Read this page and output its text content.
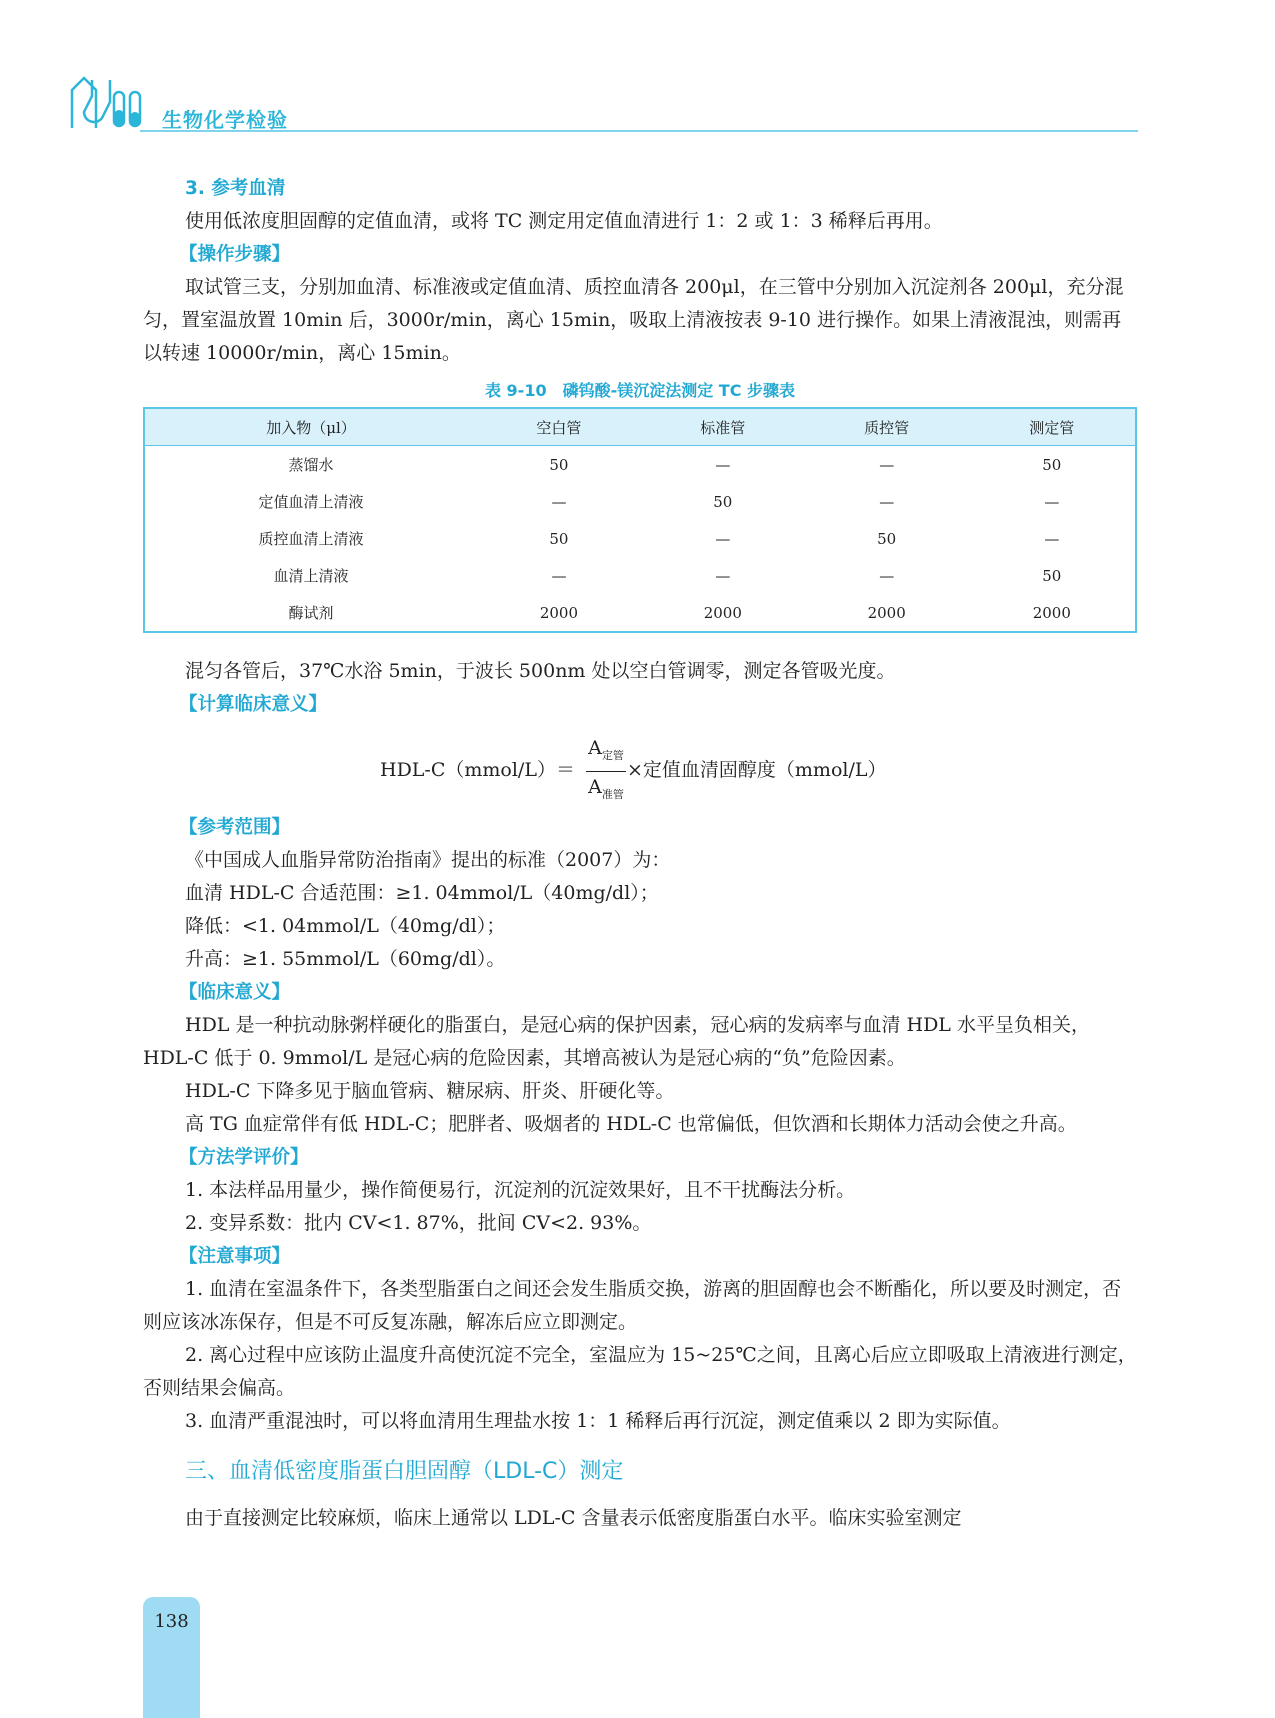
生物化学检验
3. 参考血清

使用低浓度胆固醇的定值血清，或将 TC 测定用定值血清进行 1：2 或 1：3 稀释后再用。

【操作步骤】

取试管三支，分别加血清、标准液或定值血清、质控血清各 200μl，在三管中分别加入沉淀剂各 200μl，充分混匀，置室温放置 10min 后，3000r/min，离心 15min，吸取上清液按表 9-10 进行操作。如果上清液混浊，则需再以转速 10000r/min，离心 15min。

表 9-10　磷钨酸-镁沉淀法测定 TC 步骤表
加入物（μl）	空白管	标准管	质控管	测定管
蒸馏水	50	—	—	50
定值血清上清液	—	50	—	—
质控血清上清液	50	—	50	—
血清上清液	—	—	—	50
酶试剂	2000	2000	2000	2000

混匀各管后，37℃水浴 5min，于波长 500nm 处以空白管调零，测定各管吸光度。

【计算临床意义】
HDL-C（mmol/L）＝
$A_{定管}$
$A_{准管}$
×定值血清固醇度（mmol/L）
【参考范围】

《中国成人血脂异常防治指南》提出的标准（2007）为：

血清 HDL-C 合适范围：≥1. 04mmol/L（40mg/dl）；

降低：<1. 04mmol/L（40mg/dl）；

升高：≥1. 55mmol/L（60mg/dl）。

【临床意义】

HDL 是一种抗动脉粥样硬化的脂蛋白，是冠心病的保护因素，冠心病的发病率与血清 HDL 水平呈负相关，HDL-C 低于 0. 9mmol/L 是冠心病的危险因素，其增高被认为是冠心病的“负”危险因素。

HDL-C 下降多见于脑血管病、糖尿病、肝炎、肝硬化等。

高 TG 血症常伴有低 HDL-C；肥胖者、吸烟者的 HDL-C 也常偏低，但饮酒和长期体力活动会使之升高。

【方法学评价】

1. 本法样品用量少，操作简便易行，沉淀剂的沉淀效果好，且不干扰酶法分析。

2. 变异系数：批内 CV<1. 87%，批间 CV<2. 93%。

【注意事项】

1. 血清在室温条件下，各类型脂蛋白之间还会发生脂质交换，游离的胆固醇也会不断酯化，所以要及时测定，否则应该冰冻保存，但是不可反复冻融，解冻后应立即测定。

2. 离心过程中应该防止温度升高使沉淀不完全，室温应为 15~25℃之间，且离心后应立即吸取上清液进行测定，否则结果会偏高。

3. 血清严重混浊时，可以将血清用生理盐水按 1：1 稀释后再行沉淀，测定值乘以 2 即为实际值。

三、血清低密度脂蛋白胆固醇（LDL-C）测定

由于直接测定比较麻烦，临床上通常以 LDL-C 含量表示低密度脂蛋白水平。临床实验室测定

138
